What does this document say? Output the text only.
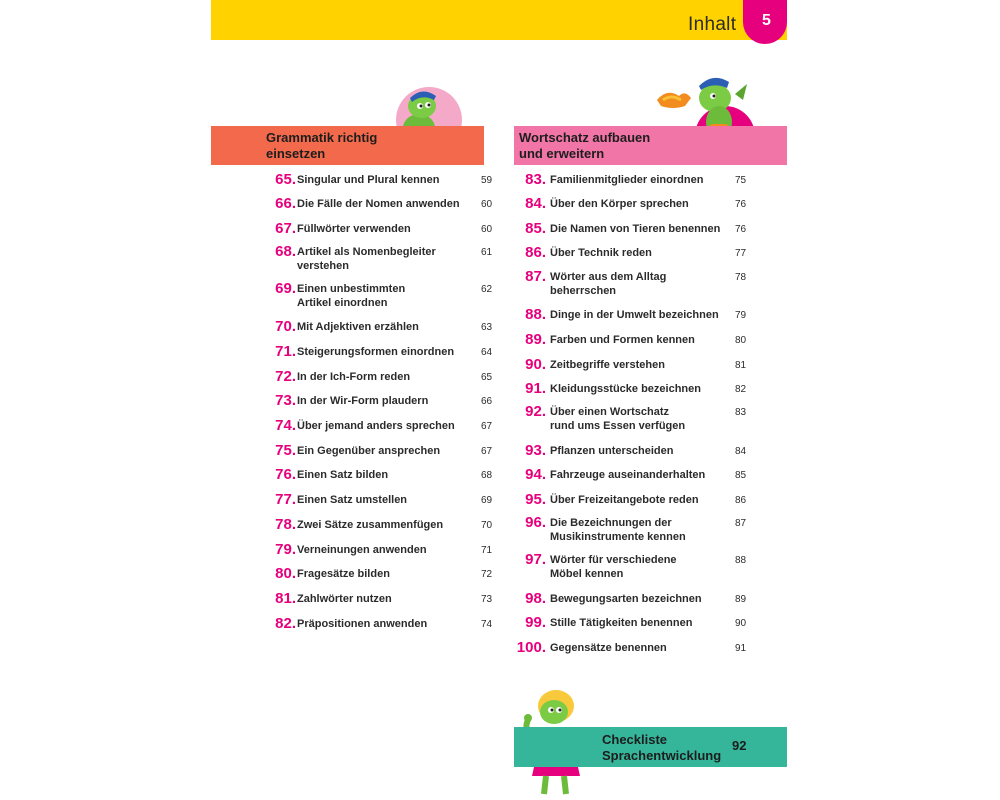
Inhalt 5
Grammatik richtig
einsetzen
Wortschatz aufbauen
und erweitern
65. Singular und Plural kennen	59
66. Die Fälle der Nomen anwenden 60
67. Füllwörter verwenden	60
68. Artikel als Nomenbegleiter
verstehen
61
69. Einen unbestimmten
Artikel einordnen
62
70. Mit Adjektiven erzählen	63
71. Steigerungsformen einordnen	64
72. In der Ich-Form reden	65
73. In der Wir-Form plaudern	66
74. Über jemand anders sprechen	67
75. Ein Gegenüber ansprechen	67
76. Einen Satz bilden	68
77. Einen Satz umstellen	69
78. Zwei Sätze zusammenfügen	70
79. Verneinungen anwenden	71
80. Fragesätze bilden	72
81. Zahlwörter nutzen	73
82. Präpositionen anwenden	74
83. Familienmitglieder einordnen	75
84. Über den Körper sprechen	76
85. Die Namen von Tieren benennen 76
86. Über Technik reden	77
87. Wörter aus dem Alltag
beherrschen
78
88. Dinge in der Umwelt bezeichnen 79
89. Farben und Formen kennen	80
90. Zeitbegriffe verstehen	81
91. Kleidungsstücke bezeichnen	82
92. Über einen Wortschatz
rund ums Essen verfügen
83
93. Pflanzen unterscheiden	84
94. Fahrzeuge auseinanderhalten	85
95. Über Freizeitangebote reden	86
96. Die Bezeichnungen der
Musikinstrumente kennen
87
97. Wörter für verschiedene
Möbel kennen
88
98. Bewegungsarten bezeichnen	89
99. Stille Tätigkeiten benennen	90
100. Gegensätze benennen	91
Checkliste
Sprachentwicklung
92
